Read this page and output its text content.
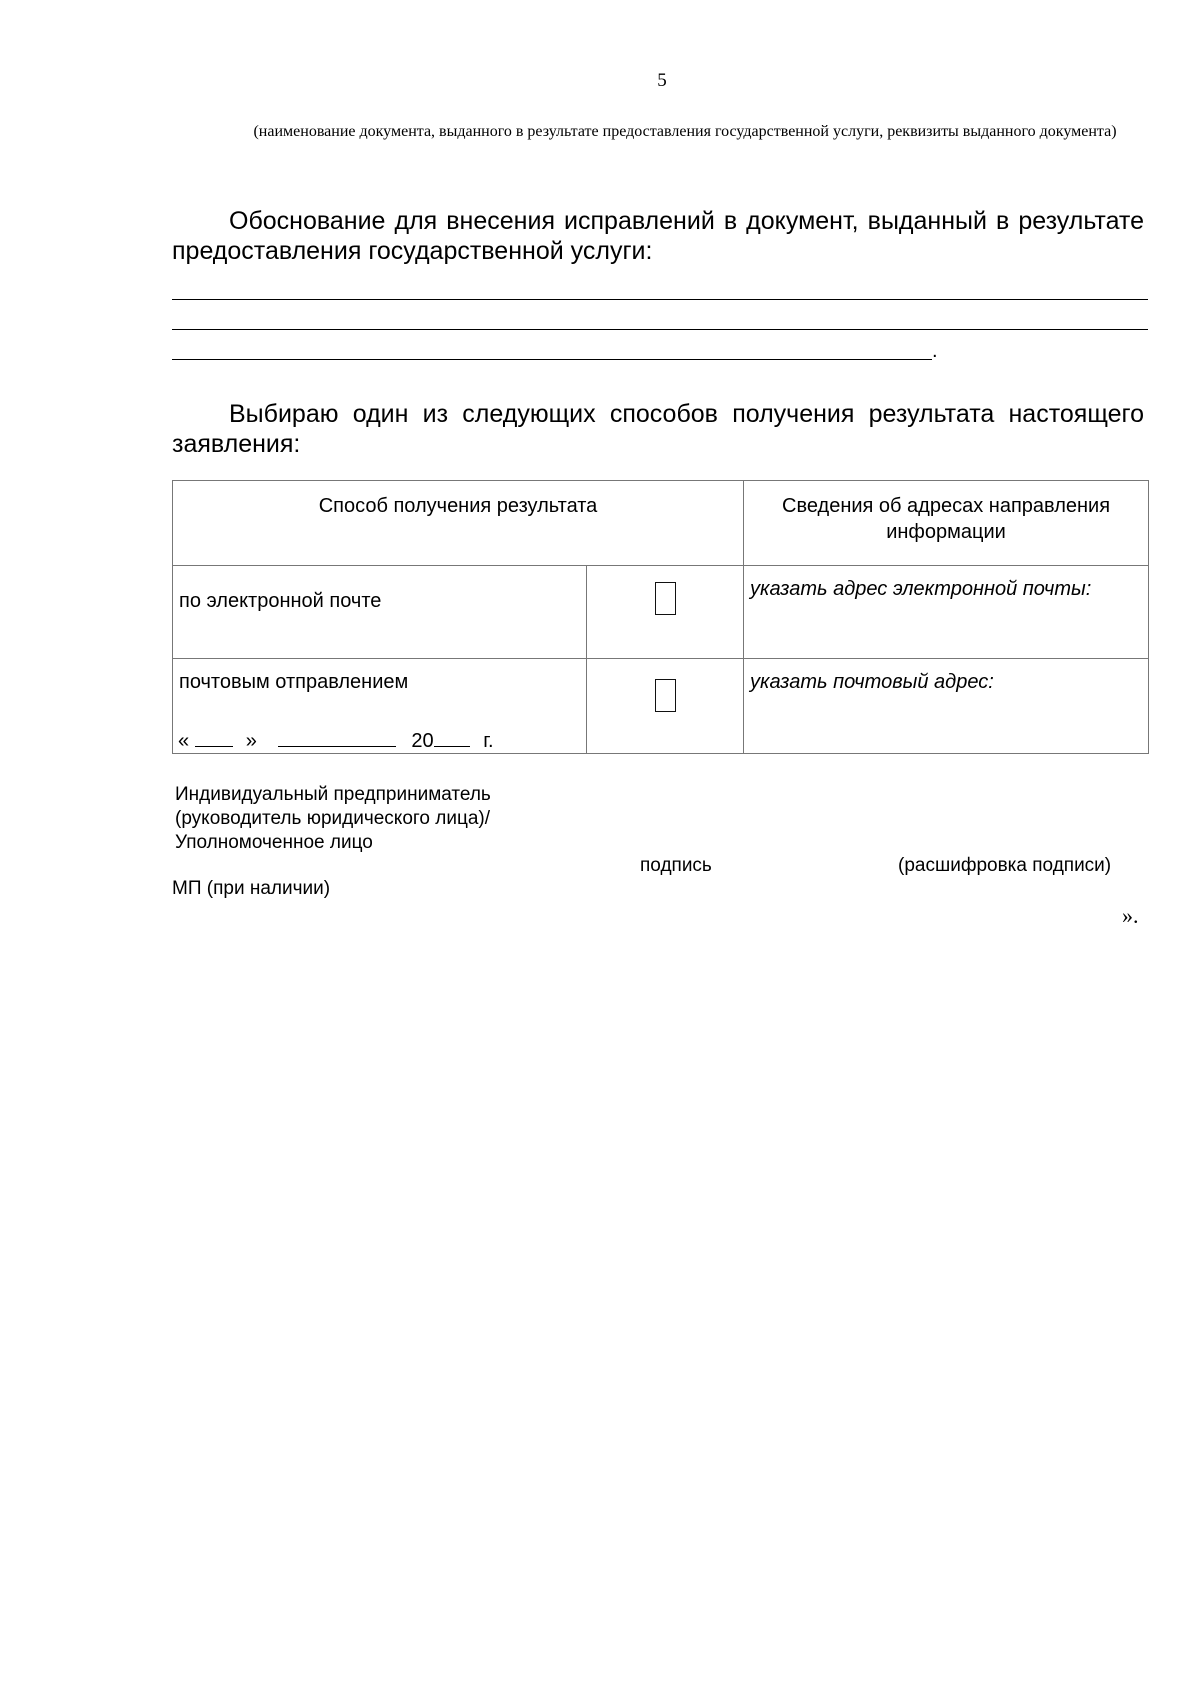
5
(наименование документа, выданного в результате предоставления государственной услуги, реквизиты выданного документа)
Обоснование для внесения исправлений в документ, выданный в результате предоставления государственной услуги:
.
Выбираю один из следующих способов получения результата настоящего заявления:
Способ получения результата		Сведения об адресах направления информации
по электронной почте		указать адрес электронной почты:
почтовым отправлением		указать почтовый адрес:
«	»	20 г.
Индивидуальный предприниматель (руководитель юридического лица)/Уполномоченное лицо
подпись	(расшифровка подписи)
МП (при наличии)
».
